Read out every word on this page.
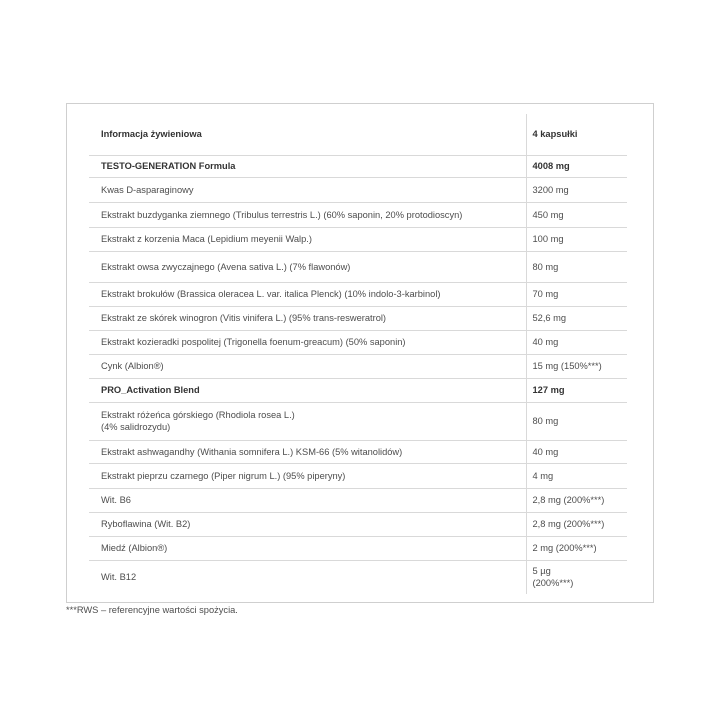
Informacja żywieniowa	4 kapsułki
TESTO-GENERATION Formula	4008 mg
Kwas D-asparaginowy	3200 mg
Ekstrakt buzdyganka ziemnego (Tribulus terrestris L.) (60% saponin, 20% protodioscyn)	450 mg
Ekstrakt z korzenia Maca (Lepidium meyenii Walp.)	100 mg
Ekstrakt owsa zwyczajnego (Avena sativa L.) (7% flawonów)	80 mg
Ekstrakt brokułów (Brassica oleracea L. var. italica Plenck) (10% indolo-3-karbinol)	70 mg
Ekstrakt ze skórek winogron (Vitis vinifera L.) (95% trans-resweratrol)	52,6 mg
Ekstrakt kozieradki pospolitej (Trigonella foenum-greacum) (50% saponin)	40 mg
Cynk (Albion®)	15 mg (150%***)
PRO_Activation Blend	127 mg
Ekstrakt różeńca górskiego (Rhodiola rosea L.)
(4% salidrozydu)	80 mg
Ekstrakt ashwagandhy (Withania somnifera L.) KSM-66 (5% witanolidów)	40 mg
Ekstrakt pieprzu czarnego (Piper nigrum L.) (95% piperyny)	4 mg
Wit. B6	2,8 mg (200%***)
Ryboflawina (Wit. B2)	2,8 mg (200%***)
Miedź (Albion®)	2 mg (200%***)
Wit. B12	5 µg
(200%***)
***RWS – referencyjne wartości spożycia.
